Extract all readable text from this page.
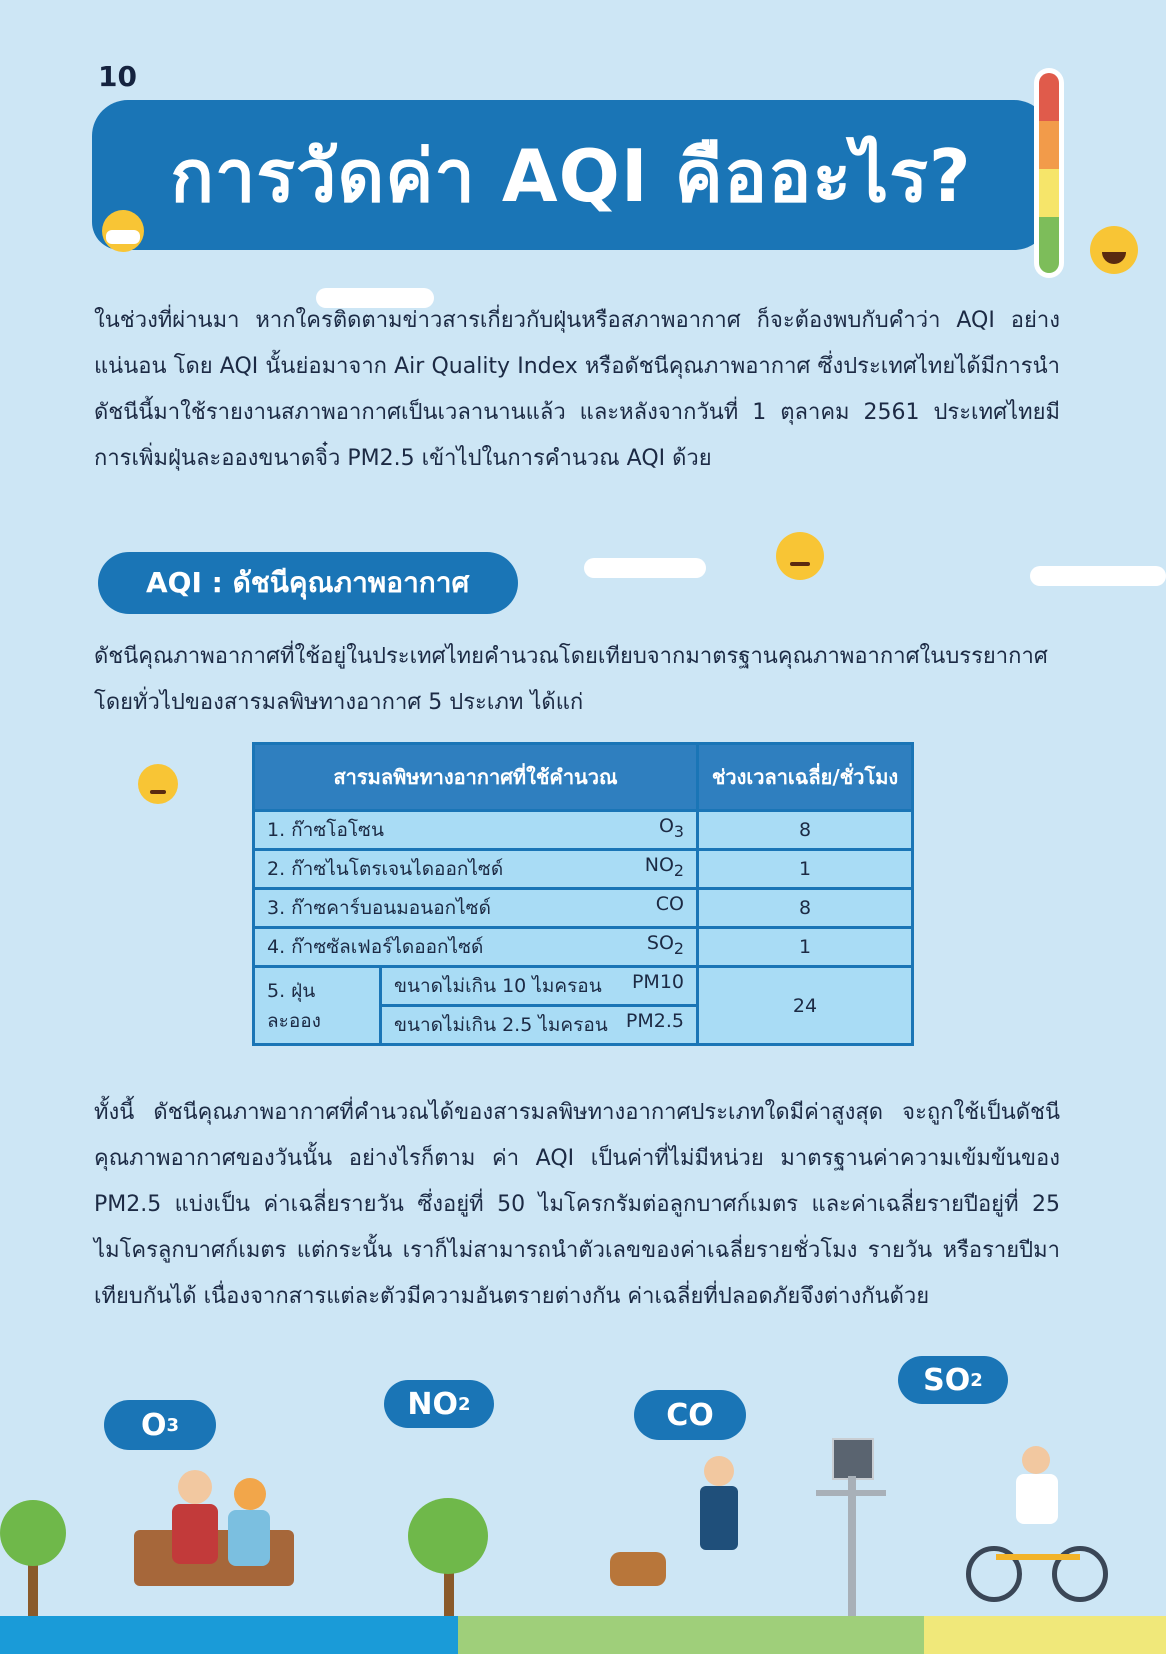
10
การวัดค่า AQI คืออะไร?
ในช่วงที่ผ่านมา หากใครติดตามข่าวสารเกี่ยวกับฝุ่นหรือสภาพอากาศ ก็จะต้องพบกับคำว่า AQI อย่างแน่นอน โดย AQI นั้นย่อมาจาก Air Quality Index หรือดัชนีคุณภาพอากาศ ซึ่งประเทศไทยได้มีการนำดัชนีนี้มาใช้รายงานสภาพอากาศเป็นเวลานานแล้ว และหลังจากวันที่ 1 ตุลาคม 2561 ประเทศไทยมีการเพิ่มฝุ่นละอองขนาดจิ๋ว PM2.5 เข้าไปในการคำนวณ AQI ด้วย
AQI : ดัชนีคุณภาพอากาศ
ดัชนีคุณภาพอากาศที่ใช้อยู่ในประเทศไทยคำนวณโดยเทียบจากมาตรฐานคุณภาพอากาศในบรรยากาศโดยทั่วไปของสารมลพิษทางอากาศ 5 ประเภท ได้แก่
สารมลพิษทางอากาศที่ใช้คำนวณ		ช่วงเวลาเฉลี่ย/ชั่วโมง

1. ก๊าซโอโซน $O_3$		8

2. ก๊าซไนโตรเจนไดออกไซด์ $NO_2$		1

3. ก๊าซคาร์บอนมอนอกไซด์ CO		8

4. ก๊าซซัลเฟอร์ไดออกไซด์ $SO_2$		1
5. ฝุ่นละออง	ขนาดไม่เกิน 10 ไมครอน PM10	24

	ขนาดไม่เกิน 2.5 ไมครอน PM2.5	
ทั้งนี้ ดัชนีคุณภาพอากาศที่คำนวณได้ของสารมลพิษทางอากาศประเภทใดมีค่าสูงสุด จะถูกใช้เป็นดัชนีคุณภาพอากาศของวันนั้น อย่างไรก็ตาม ค่า AQI เป็นค่าที่ไม่มีหน่วย มาตรฐานค่าความเข้มข้นของ PM2.5 แบ่งเป็น ค่าเฉลี่ยรายวัน ซึ่งอยู่ที่ 50 ไมโครกรัมต่อลูกบาศก์เมตร และค่าเฉลี่ยรายปีอยู่ที่ 25 ไมโครลูกบาศก์เมตร แต่กระนั้น เราก็ไม่สามารถนำตัวเลขของค่าเฉลี่ยรายชั่วโมง รายวัน หรือรายปีมาเทียบกันได้ เนื่องจากสารแต่ละตัวมีความอันตรายต่างกัน ค่าเฉลี่ยที่ปลอดภัยจึงต่างกันด้วย
O 3
NO 2	CO
SO 2
